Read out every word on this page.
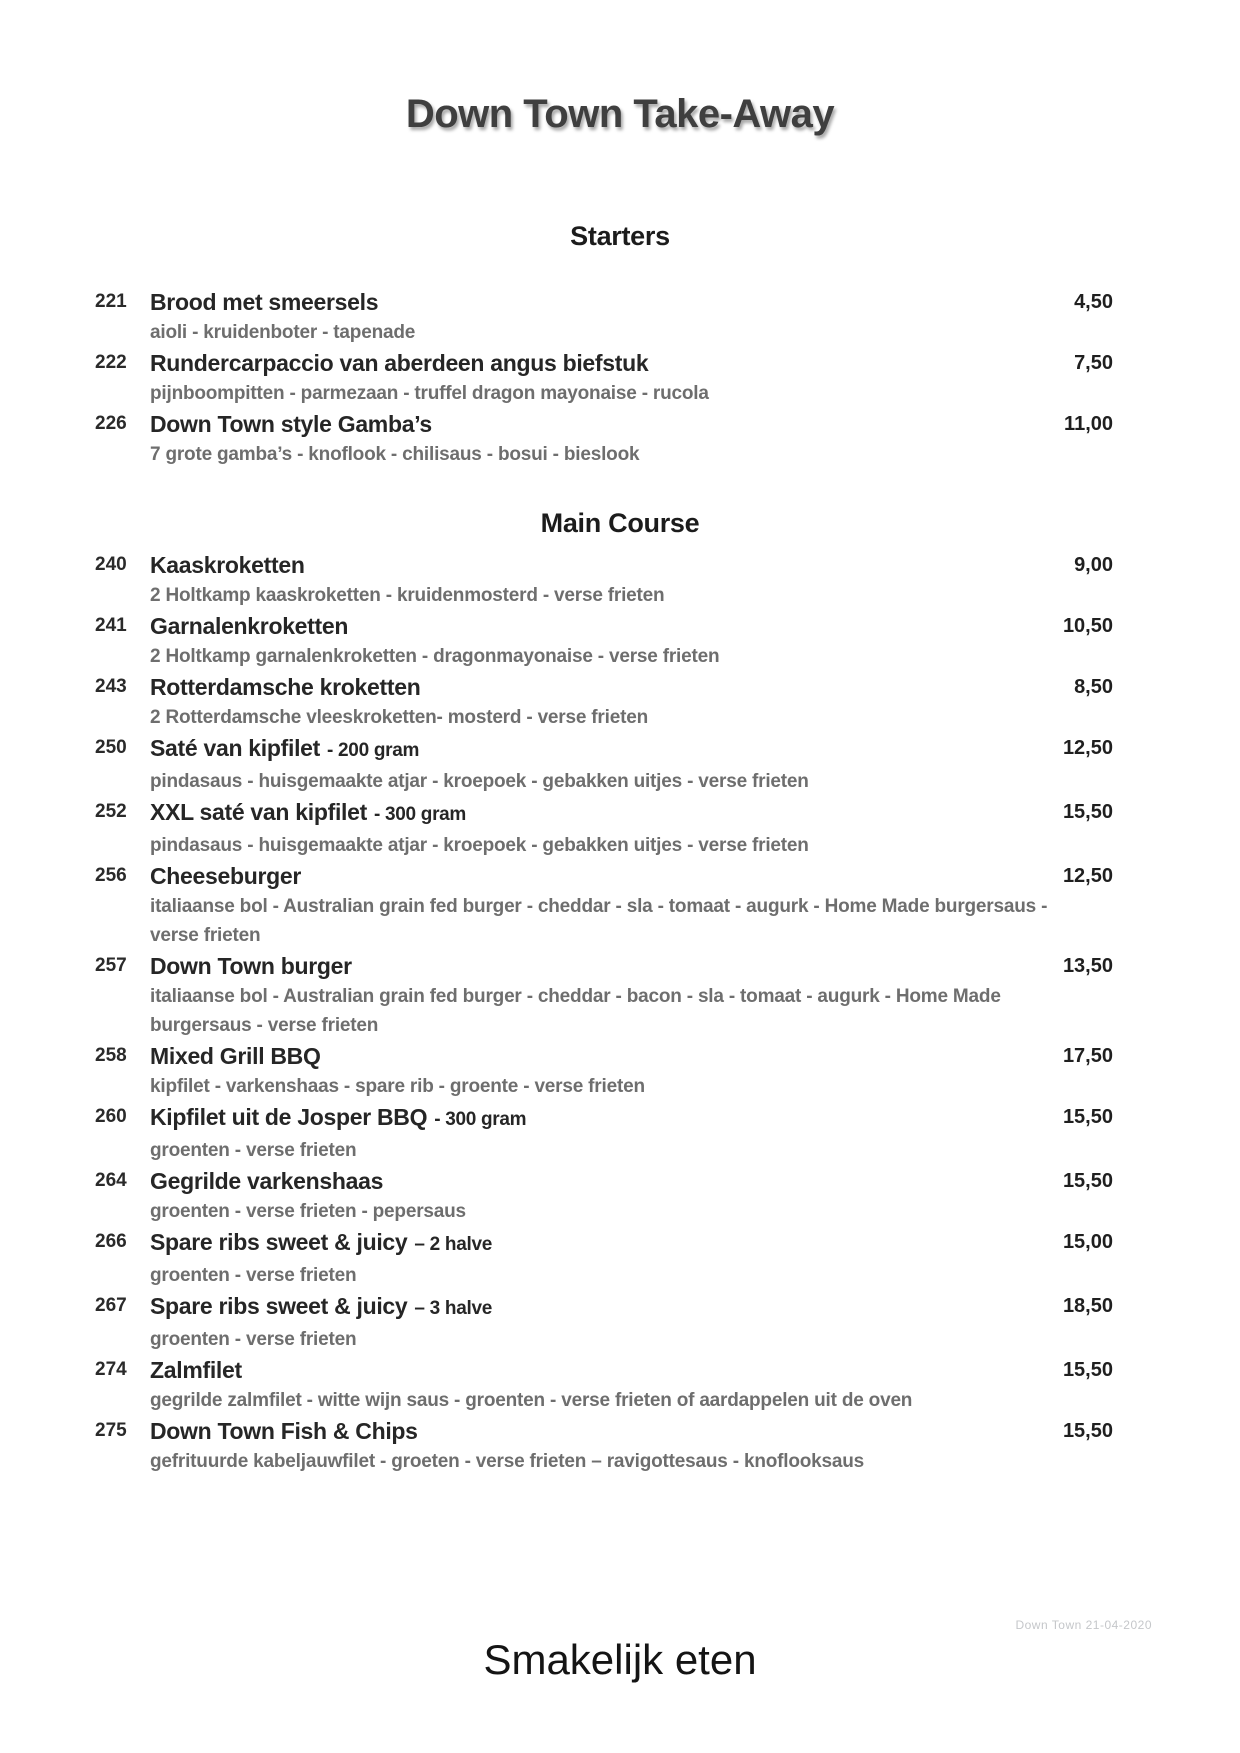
Down Town Take-Away
Starters
221	Brood met smeersels	4,50
aioli - kruidenboter - tapenade
222	Rundercarpaccio van aberdeen angus biefstuk	7,50
pijnboompitten - parmezaan - truffel dragon mayonaise - rucola
226	Down Town style Gamba’s	11,00
7 grote gamba’s - knoflook - chilisaus - bosui - bieslook
Main Course
240	Kaaskroketten	9,00
2 Holtkamp kaaskroketten - kruidenmosterd - verse frieten
241	Garnalenkroketten	10,50
2 Holtkamp garnalenkroketten - dragonmayonaise - verse frieten
243	Rotterdamsche kroketten	8,50
2 Rotterdamsche vleeskroketten- mosterd - verse frieten
250	Saté van kipfilet - 200 gram	12,50
pindasaus - huisgemaakte atjar - kroepoek - gebakken uitjes - verse frieten
252	XXL saté van kipfilet - 300 gram	15,50
pindasaus - huisgemaakte atjar - kroepoek - gebakken uitjes - verse frieten
256	Cheeseburger	12,50
italiaanse bol - Australian grain fed burger - cheddar - sla - tomaat - augurk - Home Made burgersaus - verse frieten
257	Down Town burger	13,50
italiaanse bol - Australian grain fed burger - cheddar - bacon - sla - tomaat - augurk - Home Made burgersaus - verse frieten
258	Mixed Grill BBQ	17,50
kipfilet - varkenshaas - spare rib - groente - verse frieten
260	Kipfilet uit de Josper BBQ - 300 gram	15,50
groenten - verse frieten
264	Gegrilde varkenshaas	15,50
groenten - verse frieten - pepersaus
266	Spare ribs sweet & juicy – 2 halve	15,00
groenten - verse frieten
267	Spare ribs sweet & juicy – 3 halve	18,50
groenten - verse frieten
274	Zalmfilet	15,50
gegrilde zalmfilet - witte wijn saus - groenten - verse frieten of aardappelen uit de oven
275	Down Town Fish & Chips	15,50
gefrituurde kabeljauwfilet - groeten - verse frieten – ravigottesaus - knoflooksaus
Down Town 21-04-2020
Smakelijk eten
